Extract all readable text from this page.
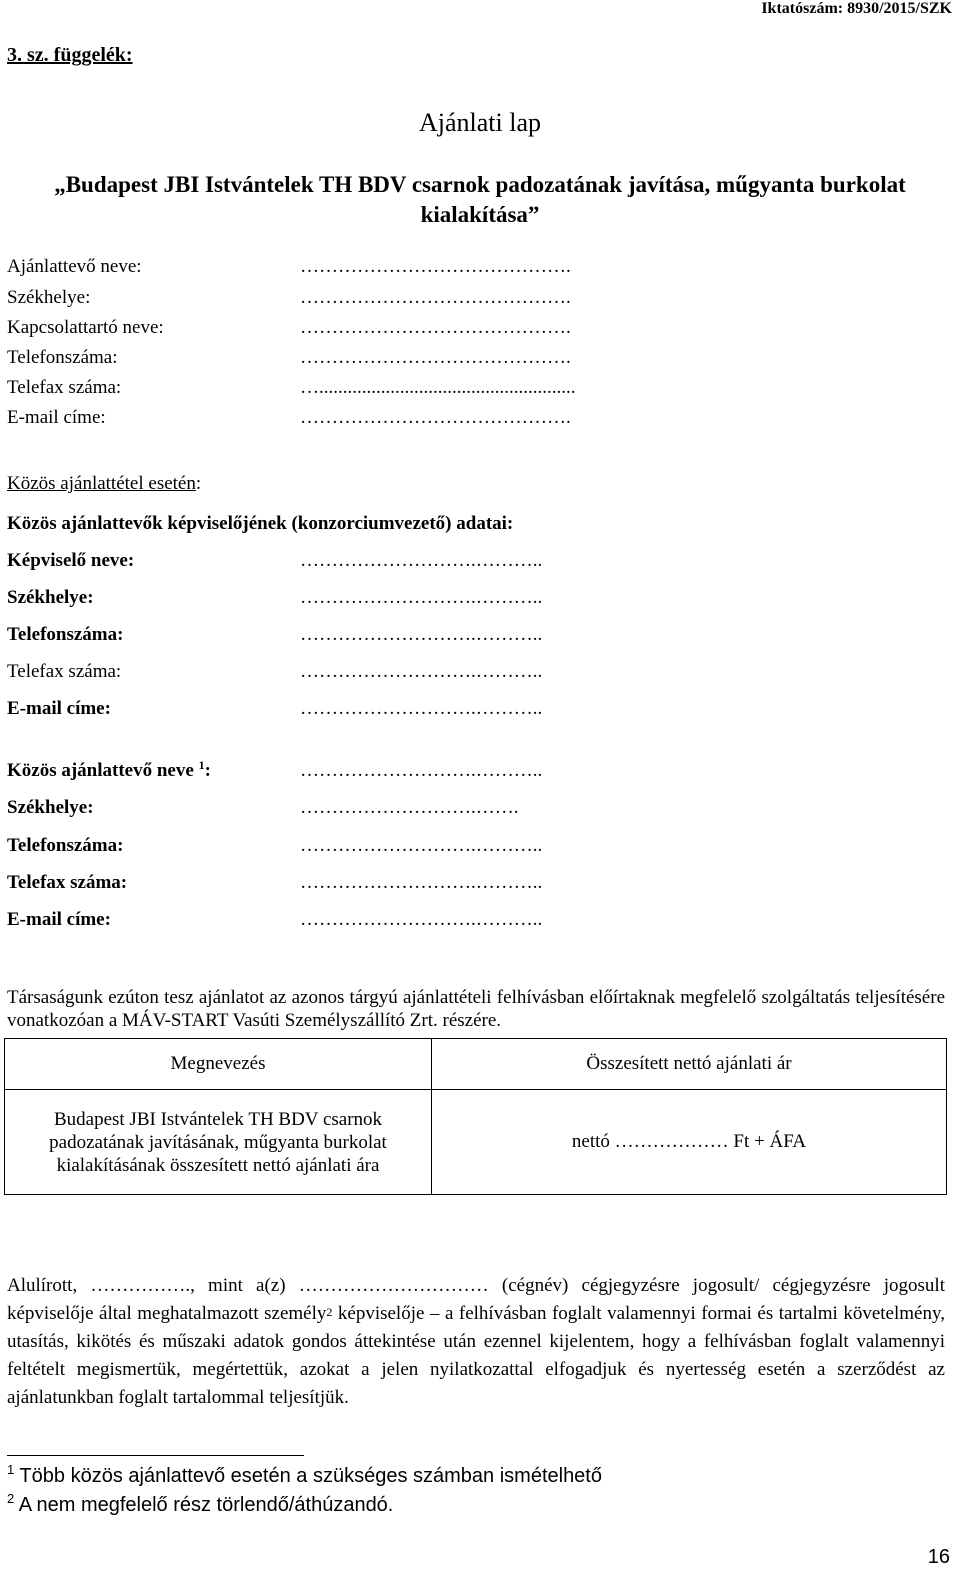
Iktatószám: 8930/2015/SZK
3. sz. függelék:
Ajánlati lap
„Budapest JBI Istvántelek TH BDV csarnok padozatának javítása, műgyanta burkolat kialakítása”
Ajánlattevő neve:	…………………………………….
Székhelye:	…………………………………….
Kapcsolattartó neve:	…………………………………….
Telefonszáma:	…………………………………….
Telefax száma:	…......................................................
E-mail címe:	…………………………………….
Közös ajánlattétel esetén:
Közös ajánlattevők képviselőjének (konzorciumvezető) adatai:
Képviselő neve:	……………………….………..
Székhelye:	……………………….………..
Telefonszáma:	……………………….………..
Telefax száma:	……………………….………..
E-mail címe:	……………………….………..
Közös ajánlattevő neve $^1$:	……………………….………..
Székhelye:	……………………….…….
Telefonszáma:	……………………….………..
Telefax száma:	……………………….………..
E-mail címe:	……………………….………..
Társaságunk ezúton tesz ajánlatot az azonos tárgyú ajánlattételi felhívásban előírtaknak megfelelő szolgáltatás teljesítésére vonatkozóan a MÁV-START Vasúti Személyszállító Zrt. részére.
Megnevezés	Összesített nettó ajánlati ár
Budapest JBI Istvántelek TH BDV csarnok padozatának javításának, műgyanta burkolat kialakításának összesített nettó ajánlati ára	nettó ……………… Ft + ÁFA
Alulírott, ……………., mint a(z) ………………………… (cégnév) cégjegyzésre jogosult/ cégjegyzésre jogosult képviselője által meghatalmazott személy$^2$ képviselője – a felhívásban foglalt valamennyi formai és tartalmi követelmény, utasítás, kikötés és műszaki adatok gondos áttekintése után ezennel kijelentem, hogy a felhívásban foglalt valamennyi feltételt megismertük, megértettük, azokat a jelen nyilatkozattal elfogadjuk és nyertesség esetén a szerződést az ajánlatunkban foglalt tartalommal teljesítjük.
$^1$ Több közös ajánlattevő esetén a szükséges számban ismételhető
$^2$ A nem megfelelő rész törlendő/áthúzandó.
16
